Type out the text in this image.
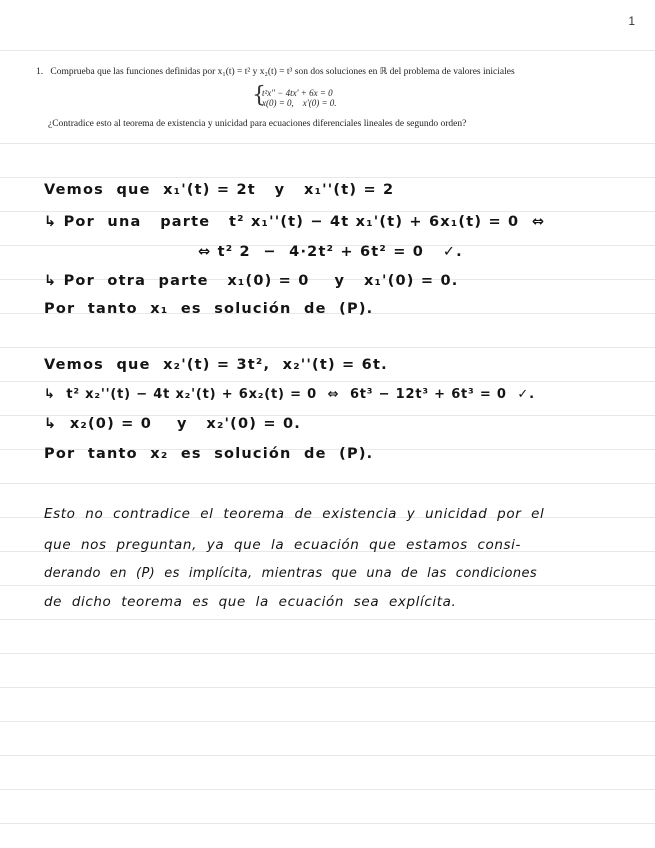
1
1. Comprueba que las funciones definidas por x₁(t) = t² y x₂(t) = t³ son dos soluciones en ℝ del problema de valores iniciales
{
t²x'' − 4tx' + 6x = 0
x(0) = 0,    x'(0) = 0.
¿Contradice esto al teorema de existencia y unicidad para ecuaciones diferenciales lineales de segundo orden?
Vemos  que  x₁'(t) = 2t   y   x₁''(t) = 2
↳ Por  una   parte   t² x₁''(t) − 4t x₁'(t) + 6x₁(t) = 0  ⇔
⇔ t² 2  −  4·2t² + 6t² = 0   ✓.
↳ Por  otra  parte   x₁(0) = 0    y   x₁'(0) = 0.
Por  tanto  x₁  es  solución  de  (P).
Vemos  que  x₂'(t) = 3t²,  x₂''(t) = 6t.
↳  t² x₂''(t) − 4t x₂'(t) + 6x₂(t) = 0  ⇔  6t³ − 12t³ + 6t³ = 0  ✓.
↳  x₂(0) = 0    y   x₂'(0) = 0.
Por  tanto  x₂  es  solución  de  (P).
Esto  no  contradice  el  teorema  de  existencia  y  unicidad  por  el
que  nos  preguntan,  ya  que  la  ecuación  que  estamos  consi-
derando  en  (P)  es  implícita,  mientras  que  una  de  las  condiciones
de  dicho  teorema  es  que  la  ecuación  sea  explícita.
